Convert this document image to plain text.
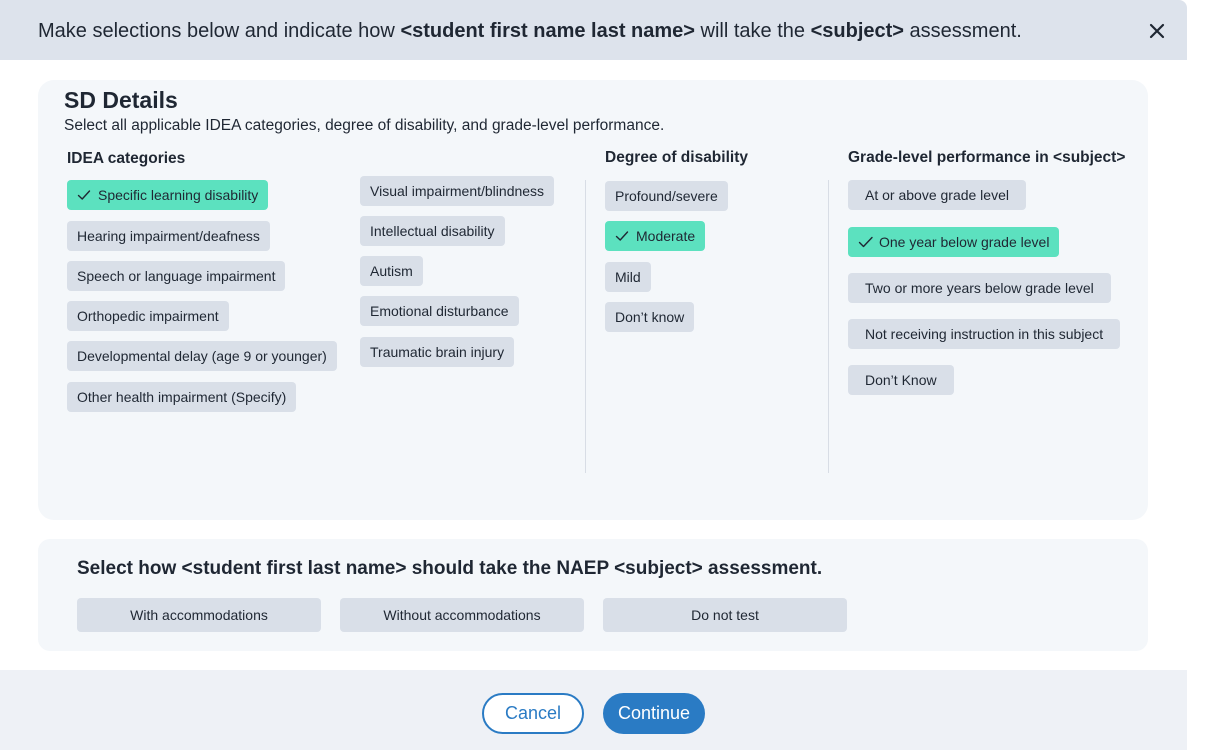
Make selections below and indicate how <student first name last name> will take the <subject> assessment.
SD Details
Select all applicable IDEA categories, degree of disability, and grade-level performance.
IDEA categories	Degree of disability	Grade-level performance in <subject>
Specific learning disability
Hearing impairment/deafness
Speech or language impairment
Orthopedic impairment
Developmental delay (age 9 or younger)
Other health impairment (Specify)
Visual impairment/blindness
Intellectual disability
Autism
Emotional disturbance
Traumatic brain injury
Profound/severe
Moderate
Mild
Don’t know
At or above grade level
One year below grade level
Two or more years below grade level
Not receiving instruction in this subject
Don’t Know
Select how <student first last name> should take the NAEP <subject> assessment.
With accommodations	Without accommodations	Do not test
Cancel	Continue
